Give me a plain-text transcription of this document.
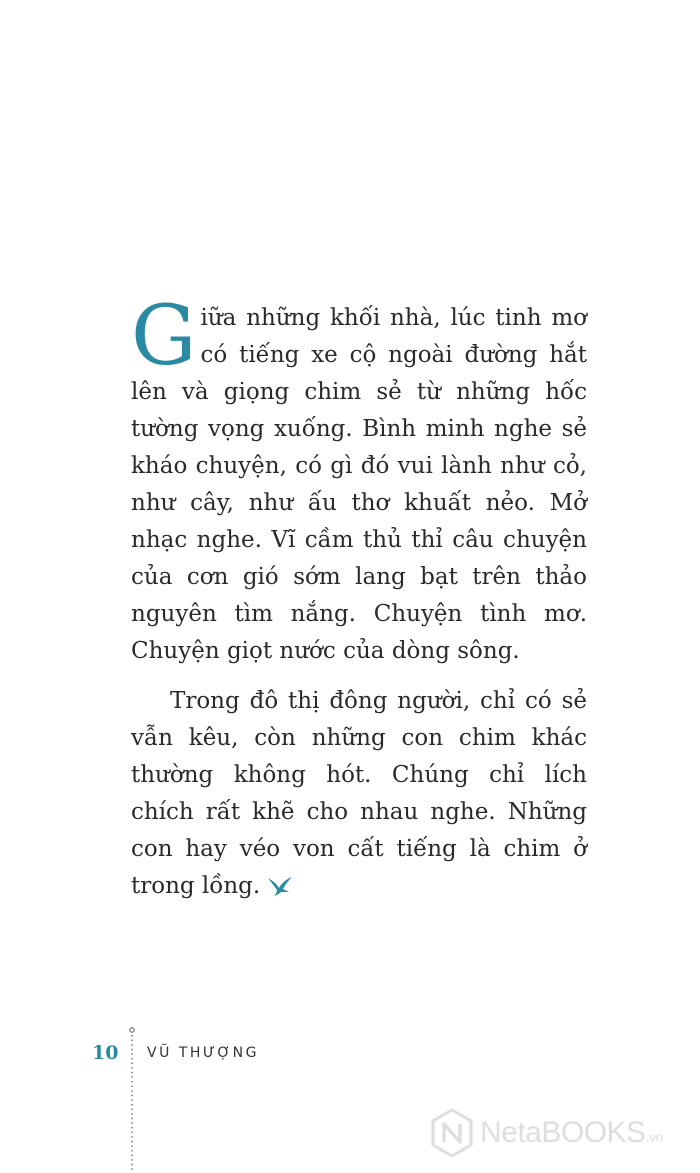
Giữa những khối nhà, lúc tinh mơ có tiếng xe cộ ngoài đường hắt lên và giọng chim sẻ từ những hốc tường vọng xuống. Bình minh nghe sẻ kháo chuyện, có gì đó vui lành như cỏ, như cây, như ấu thơ khuất nẻo. Mở nhạc nghe. Vĩ cầm thủ thỉ câu chuyện của cơn gió sớm lang bạt trên thảo nguyên tìm nắng. Chuyện tình mơ. Chuyện giọt nước của dòng sông.

Trong đô thị đông người, chỉ có sẻ vẫn kêu, còn những con chim khác thường không hót. Chúng chỉ lích chích rất khẽ cho nhau nghe. Những con hay véo von cất tiếng là chim ở trong lồng.

10 VŨ THƯỢNG
NetaBOOKS.vn
